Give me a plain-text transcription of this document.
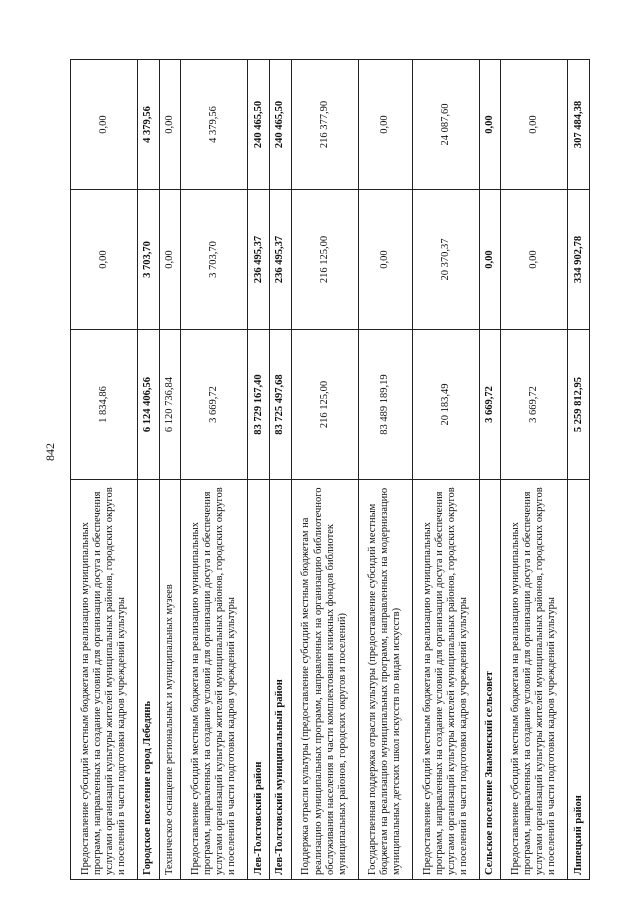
842
Предоставление субсидий местным бюджетам на реализацию муниципальных программ, направленных на создание условий для организации досуга и обеспечения услугами организаций культуры жителей муниципальных районов, городских округов и поселений в части подготовки кадров учреждений культуры	1 834,86	0,00	0,00
Городское поселение город Лебедянь	6 124 406,56	3 703,70	4 379,56
Техническое оснащение региональных и муниципальных музеев	6 120 736,84	0,00	0,00
Предоставление субсидий местным бюджетам на реализацию муниципальных программ, направленных на создание условий для организации досуга и обеспечения услугами организаций культуры жителей муниципальных районов, городских округов и поселений в части подготовки кадров учреждений культуры	3 669,72	3 703,70	4 379,56
Лев-Толстовский район	83 729 167,40	236 495,37	240 465,50
Лев-Толстовский муниципальный район	83 725 497,68	236 495,37	240 465,50
Поддержка отрасли культуры (предоставление субсидий местным бюджетам на реализацию муниципальных программ, направленных на организацию библиотечного обслуживания населения в части комплектования книжных фондов библиотек муниципальных районов, городских округов и поселений)	216 125,00	216 125,00	216 377,90
Государственная поддержка отрасли культуры (предоставление субсидий местным бюджетам на реализацию муниципальных программ, направленных на модернизацию муниципальных детских школ искусств по видам искусств)	83 489 189,19	0,00	0,00
Предоставление субсидий местным бюджетам на реализацию муниципальных программ, направленных на создание условий для организации досуга и обеспечения услугами организаций культуры жителей муниципальных районов, городских округов и поселений в части подготовки кадров учреждений культуры	20 183,49	20 370,37	24 087,60
Сельское поселение Знаменский сельсовет	3 669,72	0,00	0,00
Предоставление субсидий местным бюджетам на реализацию муниципальных программ, направленных на создание условий для организации досуга и обеспечения услугами организаций культуры жителей муниципальных районов, городских округов и поселений в части подготовки кадров учреждений культуры	3 669,72	0,00	0,00
Липецкий район	5 259 812,95	334 902,78	307 484,38
